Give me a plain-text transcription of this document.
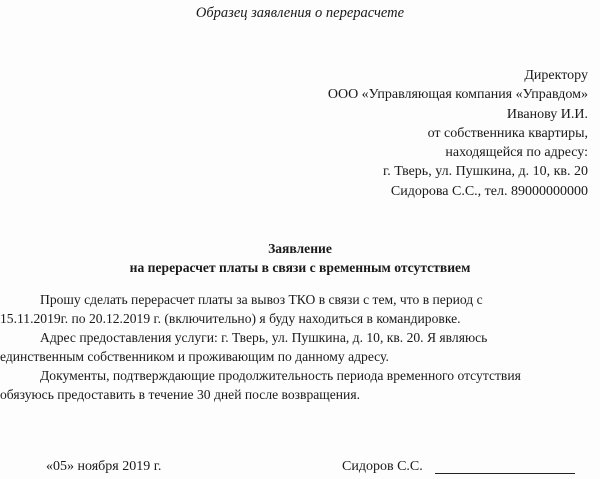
Образец заявления о перерасчете
Директору
ООО «Управляющая компания «Управдом»
Иванову И.И.
от собственника квартиры,
находящейся по адресу:
г. Тверь, ул. Пушкина, д. 10, кв. 20
Сидорова С.С., тел. 89000000000
Заявление
на перерасчет платы в связи с временным отсутствием
Прошу сделать перерасчет платы за вывоз ТКО в связи с тем, что в период с
15.11.2019г. по 20.12.2019 г. (включительно) я буду находиться в командировке.
Адрес предоставления услуги: г. Тверь, ул. Пушкина, д. 10, кв. 20. Я являюсь
единственным собственником и проживающим по данному адресу.
Документы, подтверждающие продолжительность периода временного отсутствия
обязуюсь предоставить в течение 30 дней после возвращения.
«05» ноября 2019 г.	Сидоров С.С.
